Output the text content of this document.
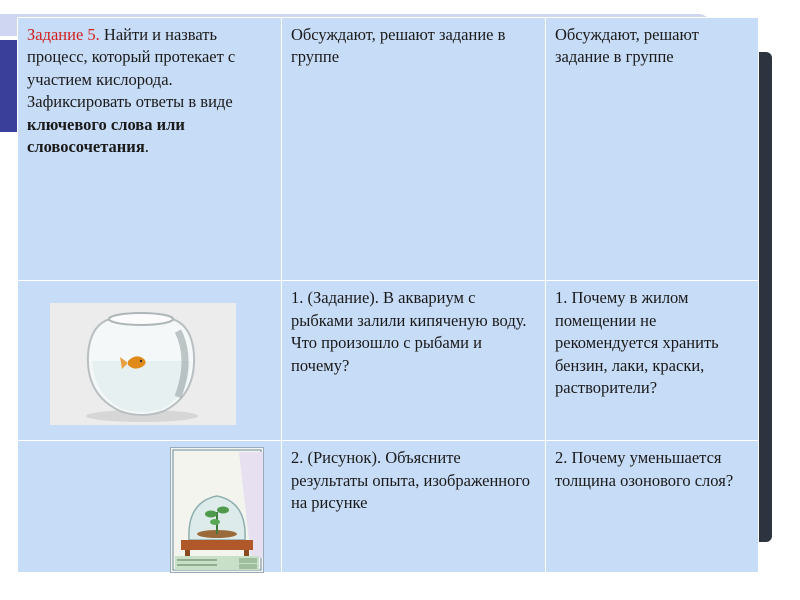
Задание 5. Найти и назвать процесс, который протекает с участием кислорода. Зафиксировать ответы в виде ключевого слова или словосочетания.	Обсуждают, решают задание в группе	Обсуждают, решают задание в группе

	1. (Задание). В аквариум с рыбками залили кипяченую воду. Что произошло с рыбами и почему?	1. Почему в жилом помещении не рекомендуется хранить бензин, лаки, краски, растворители?

	2. (Рисунок). Объясните результаты опыта, изображенного на рисунке	2. Почему уменьшается толщина озонового слоя?
